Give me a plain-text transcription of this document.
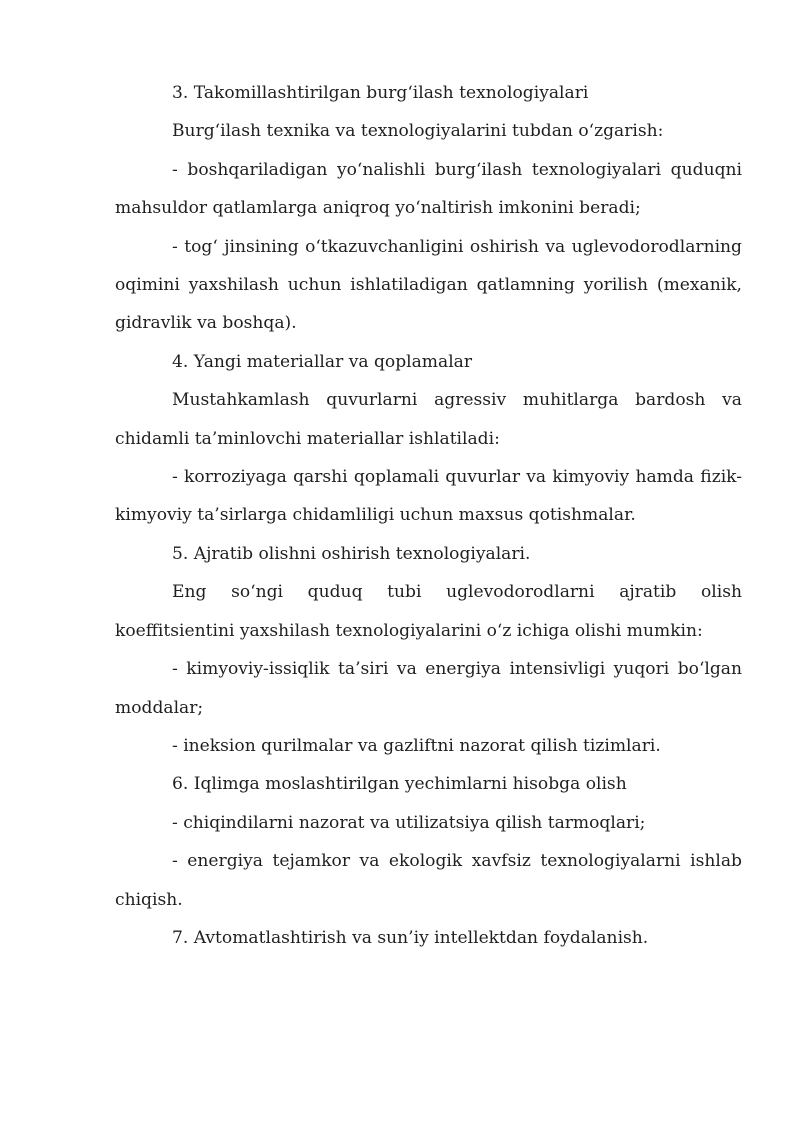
3. Takomillashtirilgan burg‘ilash texnologiyalari

Burg‘ilash texnika va texnologiyalarini tubdan o‘zgarish:

- boshqariladigan yo‘nalishli burg‘ilash texnologiyalari quduqni mahsuldor qatlamlarga aniqroq yo‘naltirish imkonini beradi;

- tog‘ jinsining o‘tkazuvchanligini oshirish va uglevodorodlarning oqimini yaxshilash uchun ishlatiladigan qatlamning yorilish (mexanik, gidravlik va boshqa).

4. Yangi materiallar va qoplamalar

Mustahkamlash quvurlarni agressiv muhitlarga bardosh va chidamli ta’minlovchi materiallar ishlatiladi:

- korroziyaga qarshi qoplamali quvurlar va kimyoviy hamda fizik-kimyoviy ta’sirlarga chidamliligi uchun maxsus qotishmalar.

5. Ajratib olishni oshirish texnologiyalari.

Eng so‘ngi quduq tubi uglevodorodlarni ajratib olish koeffitsientini yaxshilash texnologiyalarini o‘z ichiga olishi mumkin:

- kimyoviy-issiqlik ta’siri va energiya intensivligi yuqori bo‘lgan moddalar;

- ineksion qurilmalar va gazliftni nazorat qilish tizimlari.

6. Iqlimga moslashtirilgan yechimlarni hisobga olish

- chiqindilarni nazorat va utilizatsiya qilish tarmoqlari;

- energiya tejamkor va ekologik xavfsiz texnologiyalarni ishlab chiqish.

7. Avtomatlashtirish va sun’iy intellektdan foydalanish.
